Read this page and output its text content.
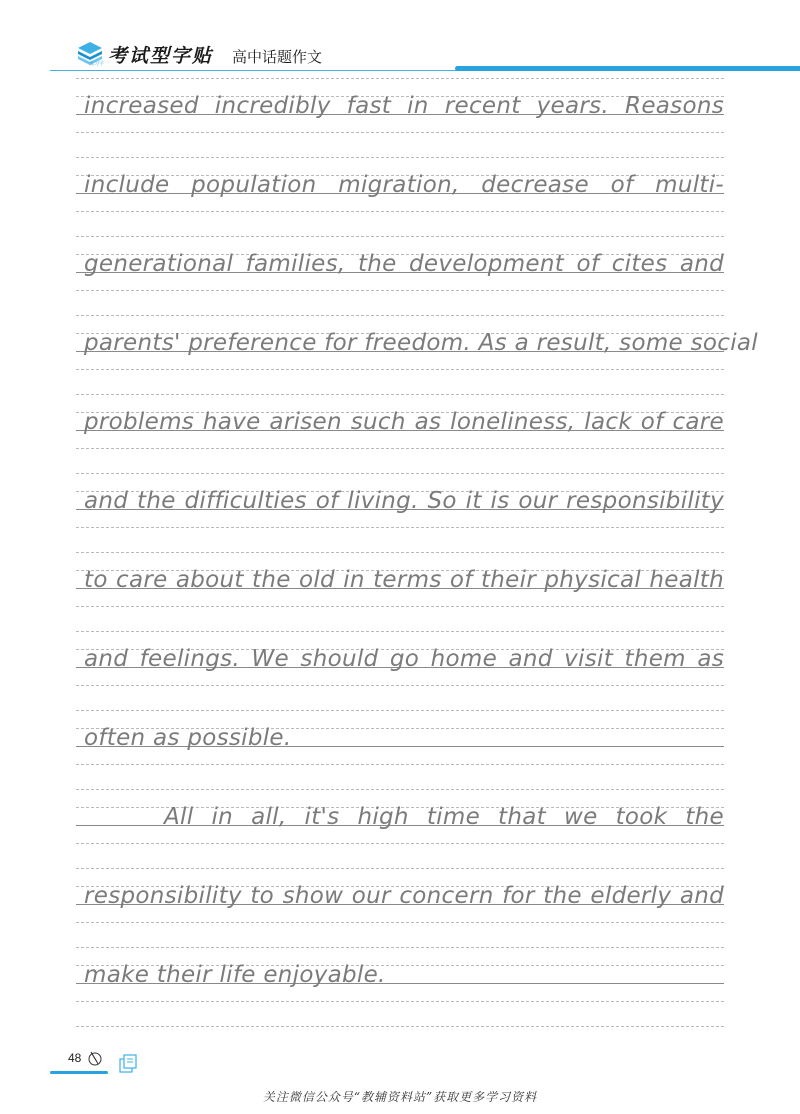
一课习字 考试型字贴 高中话题作文
increased incredibly fast in recent years. Reasons
include population migration, decrease of multi-
generational families, the development of cites and
parents' preference for freedom. As a result, some social
problems have arisen such as loneliness, lack of care
and the difficulties of living. So it is our responsibility
to care about the old in terms of their physical health
and feelings. We should go home and visit them as
often as possible.
All in all, it's high time that we took the
responsibility to show our concern for the elderly and
make their life enjoyable.
48
关注微信公众号“教辅资料站”获取更多学习资料
